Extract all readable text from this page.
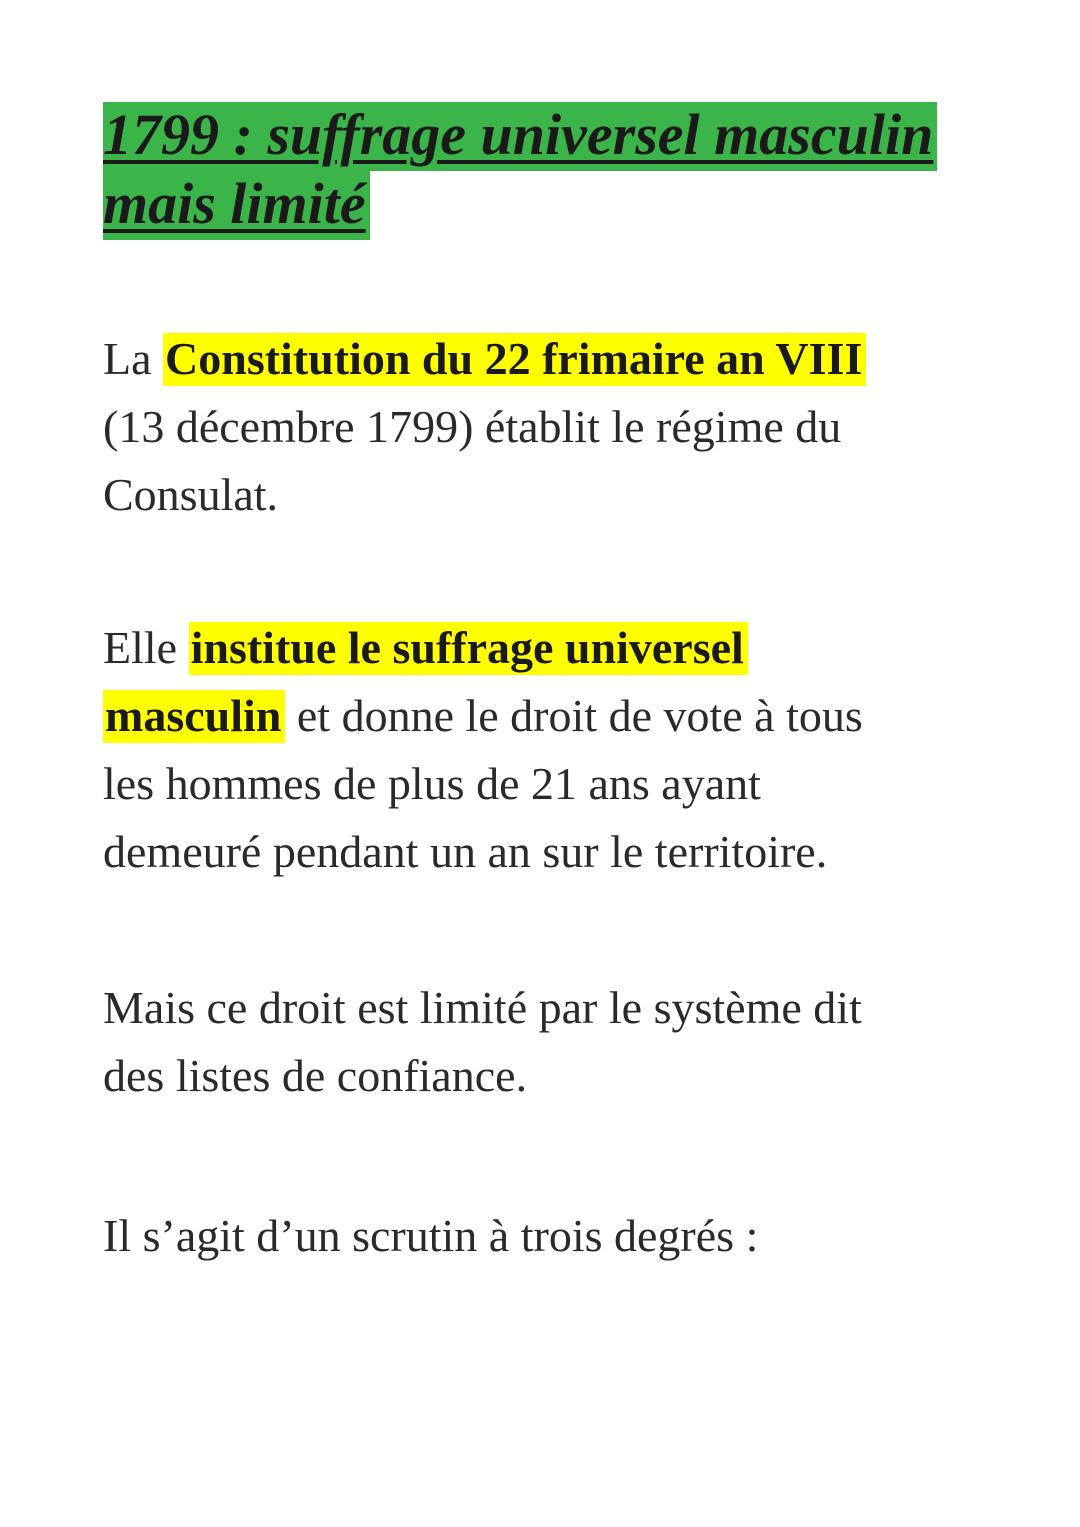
1799 : suffrage universel masculin
mais limité

La Constitution du 22 frimaire an VIII
(13 décembre 1799) établit le régime du
Consulat.

Elle institue le suffrage universel
masculin et donne le droit de vote à tous
les hommes de plus de 21 ans ayant
demeuré pendant un an sur le territoire.

Mais ce droit est limité par le système dit
des listes de confiance.

Il s’agit d’un scrutin à trois degrés :
